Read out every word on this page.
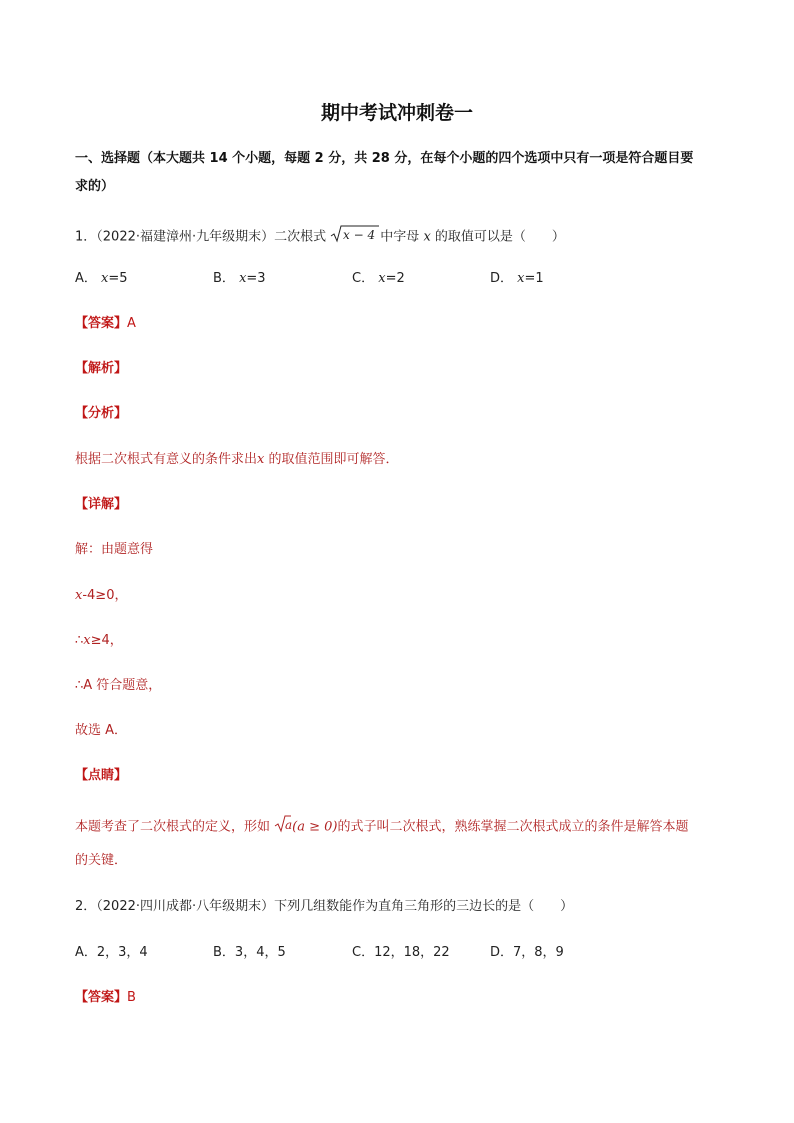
期中考试冲刺卷一
一、选择题（本大题共 14 个小题，每题 2 分，共 28 分，在每个小题的四个选项中只有一项是符合题目要
求的）
1．（2022·福建漳州·九年级期末）二次根式 x − 4 中字母 x 的取值可以是（　　）
A． x=5	B． x=3	C． x=2	D． x=1
【答案】A
【解析】
【分析】
根据二次根式有意义的条件求出x 的取值范围即可解答．
【详解】
解：由题意得
x-4≥0，
∴x≥4，
∴A 符合题意，
故选 A．
【点睛】
本题考查了二次根式的定义，形如 a (a ≥ 0)的式子叫二次根式，熟练掌握二次根式成立的条件是解答本题
的关键．
2．（2022·四川成都·八年级期末）下列几组数能作为直角三角形的三边长的是（　　）
A．2，3，4	B．3，4，5	C．12，18，22	D．7，8，9
【答案】B
